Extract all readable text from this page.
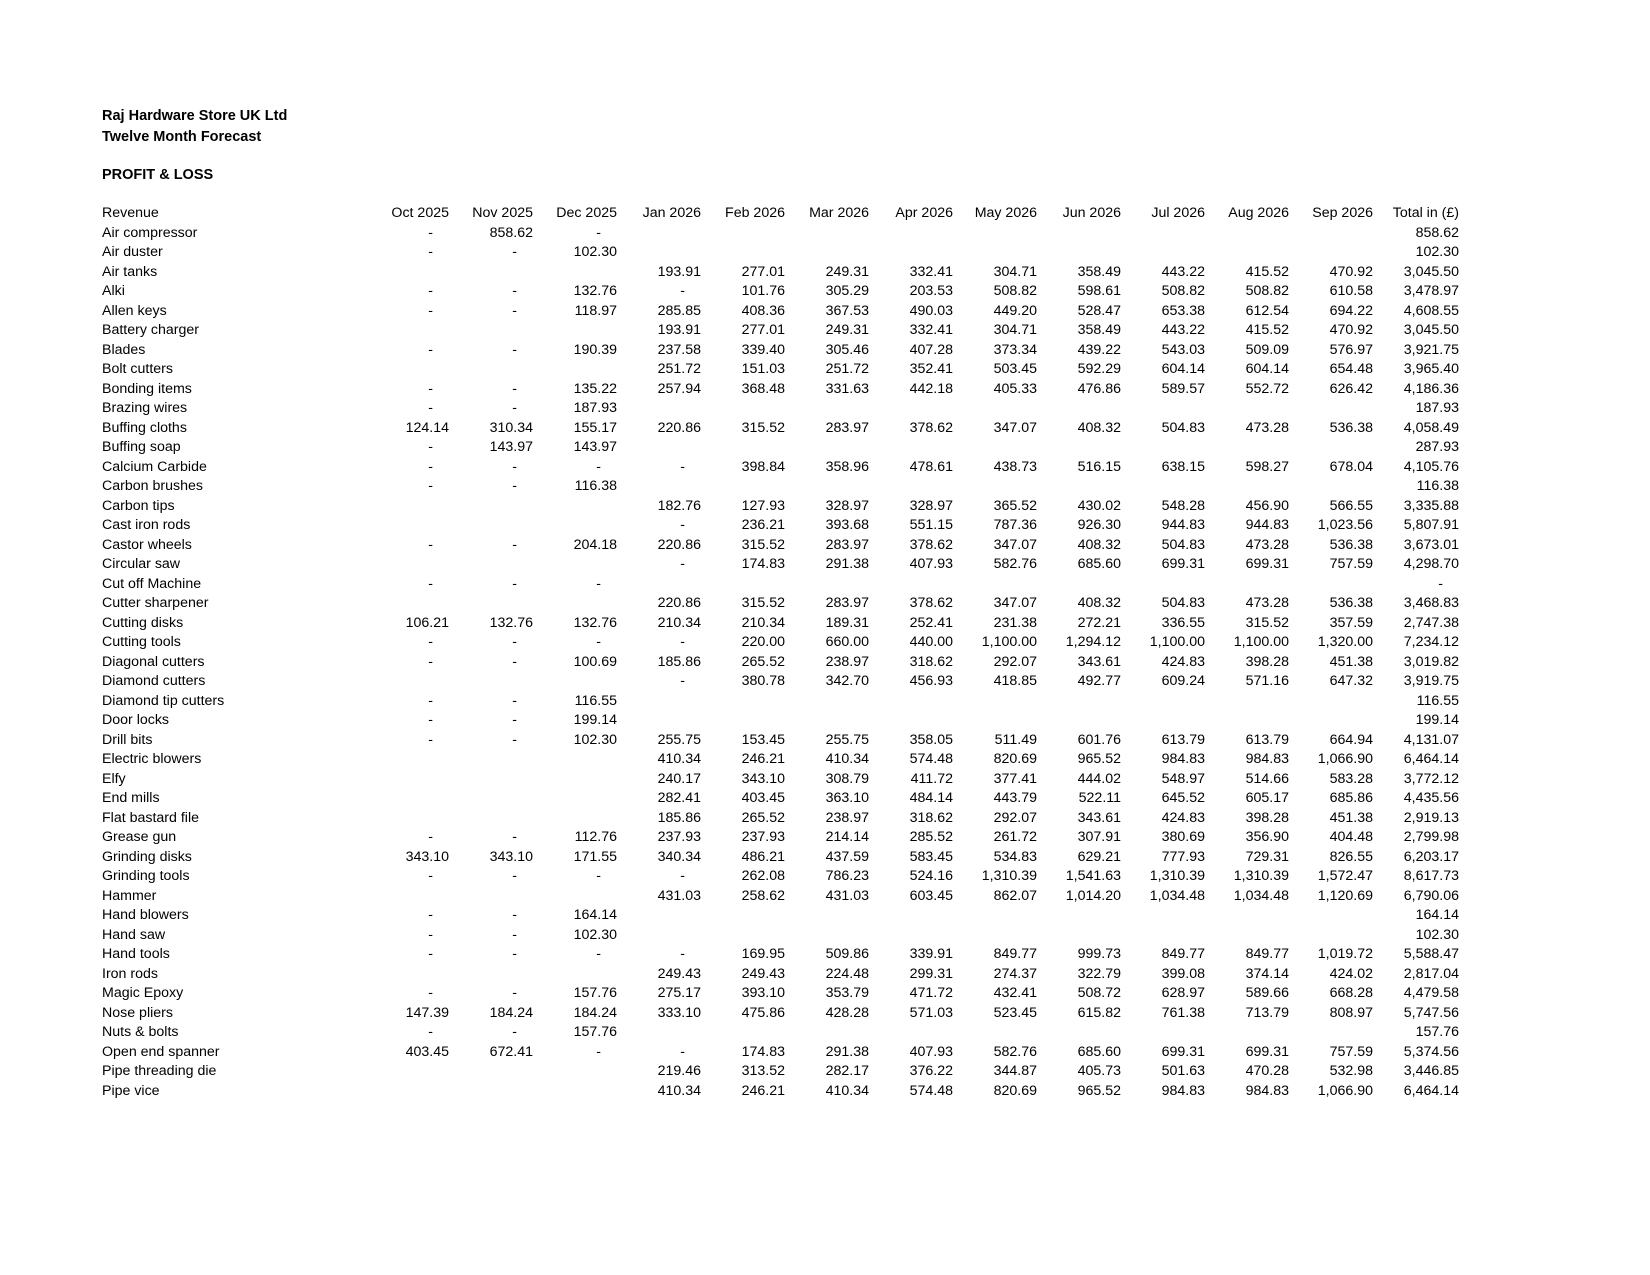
Raj Hardware Store UK Ltd
Twelve Month Forecast
PROFIT & LOSS
Revenue	Oct 2025	Nov 2025	Dec 2025	Jan 2026	Feb 2026	Mar 2026	Apr 2026	May 2026	Jun 2026	Jul 2026	Aug 2026	Sep 2026	Total in (£)
Air compressor	-	858.62	-										858.62
Air duster	-	-	102.30										102.30
Air tanks				193.91	277.01	249.31	332.41	304.71	358.49	443.22	415.52	470.92	3,045.50
Alki	-	-	132.76	-	101.76	305.29	203.53	508.82	598.61	508.82	508.82	610.58	3,478.97
Allen keys	-	-	118.97	285.85	408.36	367.53	490.03	449.20	528.47	653.38	612.54	694.22	4,608.55
Battery charger				193.91	277.01	249.31	332.41	304.71	358.49	443.22	415.52	470.92	3,045.50
Blades	-	-	190.39	237.58	339.40	305.46	407.28	373.34	439.22	543.03	509.09	576.97	3,921.75
Bolt cutters				251.72	151.03	251.72	352.41	503.45	592.29	604.14	604.14	654.48	3,965.40
Bonding items	-	-	135.22	257.94	368.48	331.63	442.18	405.33	476.86	589.57	552.72	626.42	4,186.36
Brazing wires	-	-	187.93										187.93
Buffing cloths	124.14	310.34	155.17	220.86	315.52	283.97	378.62	347.07	408.32	504.83	473.28	536.38	4,058.49
Buffing soap	-	143.97	143.97										287.93
Calcium Carbide	-	-	-	-	398.84	358.96	478.61	438.73	516.15	638.15	598.27	678.04	4,105.76
Carbon brushes	-	-	116.38										116.38
Carbon tips				182.76	127.93	328.97	328.97	365.52	430.02	548.28	456.90	566.55	3,335.88
Cast iron rods				-	236.21	393.68	551.15	787.36	926.30	944.83	944.83	1,023.56	5,807.91
Castor wheels	-	-	204.18	220.86	315.52	283.97	378.62	347.07	408.32	504.83	473.28	536.38	3,673.01
Circular saw				-	174.83	291.38	407.93	582.76	685.60	699.31	699.31	757.59	4,298.70
Cut off Machine	-	-	-										-
Cutter sharpener				220.86	315.52	283.97	378.62	347.07	408.32	504.83	473.28	536.38	3,468.83
Cutting disks	106.21	132.76	132.76	210.34	210.34	189.31	252.41	231.38	272.21	336.55	315.52	357.59	2,747.38
Cutting tools	-	-	-	-	220.00	660.00	440.00	1,100.00	1,294.12	1,100.00	1,100.00	1,320.00	7,234.12
Diagonal cutters	-	-	100.69	185.86	265.52	238.97	318.62	292.07	343.61	424.83	398.28	451.38	3,019.82
Diamond cutters				-	380.78	342.70	456.93	418.85	492.77	609.24	571.16	647.32	3,919.75
Diamond tip cutters	-	-	116.55										116.55
Door locks	-	-	199.14										199.14
Drill bits	-	-	102.30	255.75	153.45	255.75	358.05	511.49	601.76	613.79	613.79	664.94	4,131.07
Electric blowers				410.34	246.21	410.34	574.48	820.69	965.52	984.83	984.83	1,066.90	6,464.14
Elfy				240.17	343.10	308.79	411.72	377.41	444.02	548.97	514.66	583.28	3,772.12
End mills				282.41	403.45	363.10	484.14	443.79	522.11	645.52	605.17	685.86	4,435.56
Flat bastard file				185.86	265.52	238.97	318.62	292.07	343.61	424.83	398.28	451.38	2,919.13
Grease gun	-	-	112.76	237.93	237.93	214.14	285.52	261.72	307.91	380.69	356.90	404.48	2,799.98
Grinding disks	343.10	343.10	171.55	340.34	486.21	437.59	583.45	534.83	629.21	777.93	729.31	826.55	6,203.17
Grinding tools	-	-	-	-	262.08	786.23	524.16	1,310.39	1,541.63	1,310.39	1,310.39	1,572.47	8,617.73
Hammer				431.03	258.62	431.03	603.45	862.07	1,014.20	1,034.48	1,034.48	1,120.69	6,790.06
Hand blowers	-	-	164.14										164.14
Hand saw	-	-	102.30										102.30
Hand tools	-	-	-	-	169.95	509.86	339.91	849.77	999.73	849.77	849.77	1,019.72	5,588.47
Iron rods				249.43	249.43	224.48	299.31	274.37	322.79	399.08	374.14	424.02	2,817.04
Magic Epoxy	-	-	157.76	275.17	393.10	353.79	471.72	432.41	508.72	628.97	589.66	668.28	4,479.58
Nose pliers	147.39	184.24	184.24	333.10	475.86	428.28	571.03	523.45	615.82	761.38	713.79	808.97	5,747.56
Nuts & bolts	-	-	157.76										157.76
Open end spanner	403.45	672.41	-	-	174.83	291.38	407.93	582.76	685.60	699.31	699.31	757.59	5,374.56
Pipe threading die				219.46	313.52	282.17	376.22	344.87	405.73	501.63	470.28	532.98	3,446.85
Pipe vice				410.34	246.21	410.34	574.48	820.69	965.52	984.83	984.83	1,066.90	6,464.14
